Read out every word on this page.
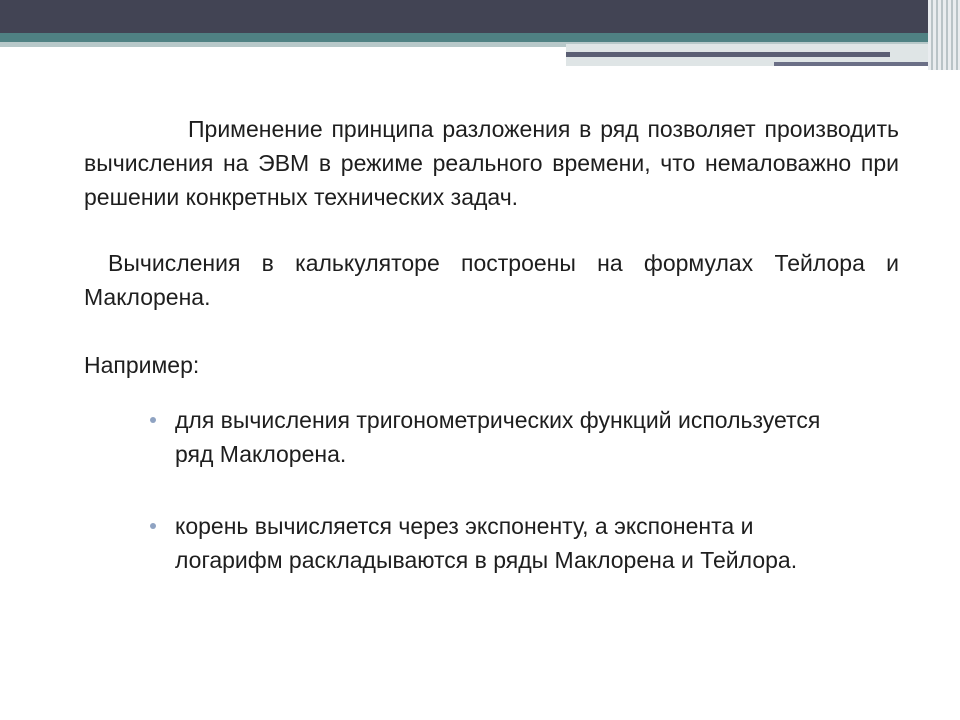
Применение принципа разложения в ряд позволяет производить вычисления на ЭВМ в режиме реального времени, что немаловажно при решении конкретных технических задач.

Вычисления в калькуляторе построены на формулах Тейлора и Маклорена.

Например:

для вычисления тригонометрических функций используется ряд Маклорена.
корень вычисляется через экспоненту, а экспонента и логарифм раскладываются в ряды Маклорена и Тейлора.
